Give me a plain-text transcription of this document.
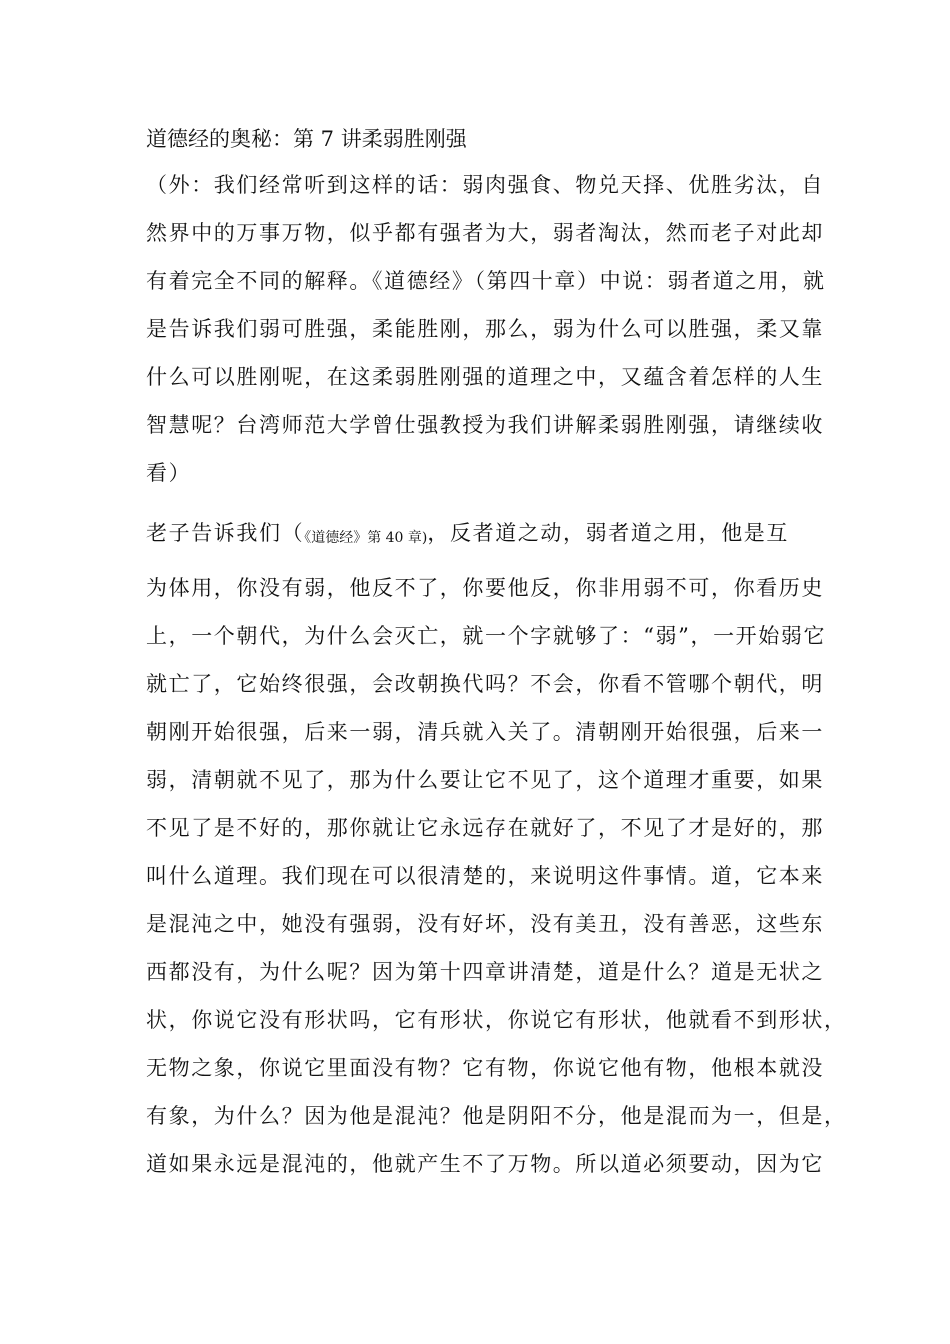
道德经的奥秘：第 7 讲柔弱胜刚强
（外：我们经常听到这样的话：弱肉强食、物兑天择、优胜劣汰，自
然界中的万事万物，似乎都有强者为大，弱者淘汰，然而老子对此却
有着完全不同的解释。《道德经》（第四十章）中说：弱者道之用，就
是告诉我们弱可胜强，柔能胜刚，那么，弱为什么可以胜强，柔又靠
什么可以胜刚呢，在这柔弱胜刚强的道理之中，又蕴含着怎样的人生
智慧呢？台湾师范大学曾仕强教授为我们讲解柔弱胜刚强，请继续收
看）
老子告诉我们（《道德经》第 40 章)，反者道之动，弱者道之用，他是互
为体用，你没有弱，他反不了，你要他反，你非用弱不可，你看历史
上，一个朝代，为什么会灭亡，就一个字就够了：“弱”，一开始弱它
就亡了，它始终很强，会改朝换代吗？不会，你看不管哪个朝代，明
朝刚开始很强，后来一弱，清兵就入关了。清朝刚开始很强，后来一
弱，清朝就不见了，那为什么要让它不见了，这个道理才重要，如果
不见了是不好的，那你就让它永远存在就好了，不见了才是好的，那
叫什么道理。我们现在可以很清楚的，来说明这件事情。道，它本来
是混沌之中，她没有强弱，没有好坏，没有美丑，没有善恶，这些东
西都没有，为什么呢？因为第十四章讲清楚，道是什么？道是无状之
状，你说它没有形状吗，它有形状，你说它有形状，他就看不到形状，
无物之象，你说它里面没有物？它有物，你说它他有物，他根本就没
有象，为什么？因为他是混沌？他是阴阳不分，他是混而为一，但是，
道如果永远是混沌的，他就产生不了万物。所以道必须要动，因为它
